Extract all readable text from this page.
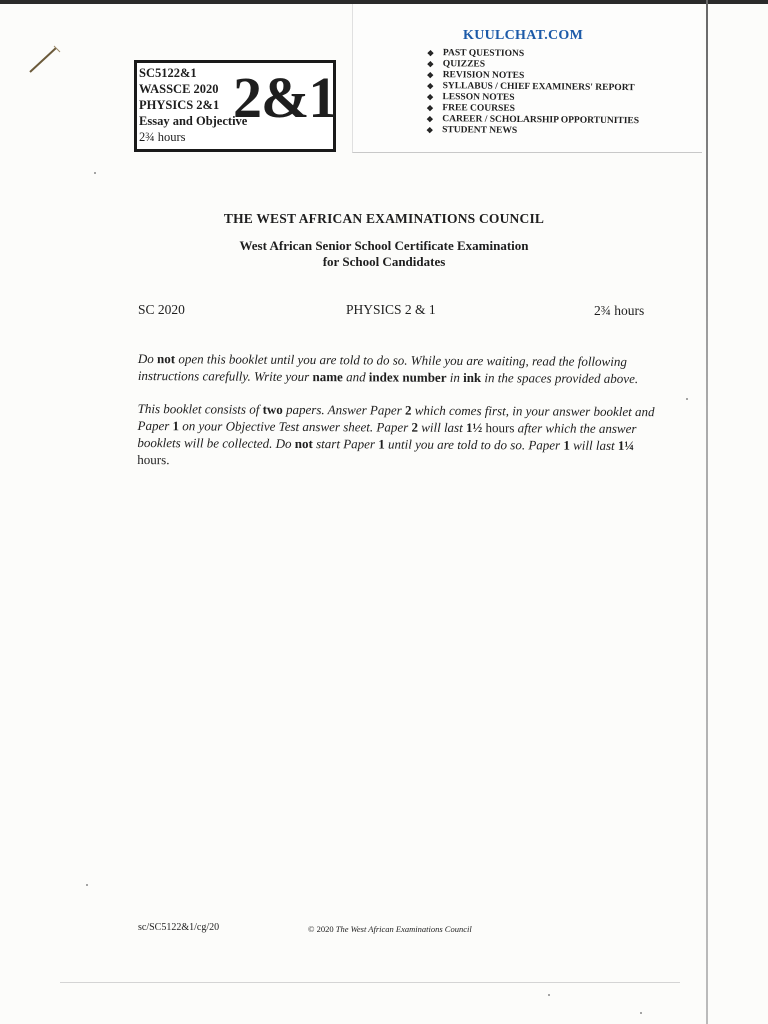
SC5122&1
WASSCE 2020
PHYSICS 2&1
Essay and Objective
2¾ hours
2&1
KUULCHAT.COM
❖ PAST QUESTIONS
❖ QUIZZES
❖ REVISION NOTES
❖ SYLLABUS / CHIEF EXAMINERS' REPORT
❖ LESSON NOTES
❖ FREE COURSES
❖ CAREER / SCHOLARSHIP OPPORTUNITIES
❖ STUDENT NEWS
THE WEST AFRICAN EXAMINATIONS COUNCIL
West African Senior School Certificate Examination
for School Candidates
SC 2020	PHYSICS 2 & 1	2¾ hours

Do not open this booklet until you are told to do so. While you are waiting, read the following instructions carefully. Write your name and index number in ink in the spaces provided above.

This booklet consists of two papers. Answer Paper 2 which comes first, in your answer booklet and Paper 1 on your Objective Test answer sheet. Paper 2 will last 1½ hours after which the answer booklets will be collected. Do not start Paper 1 until you are told to do so. Paper 1 will last 1¼ hours.

sc/SC5122&1/cg/20	© 2020 The West African Examinations Council
